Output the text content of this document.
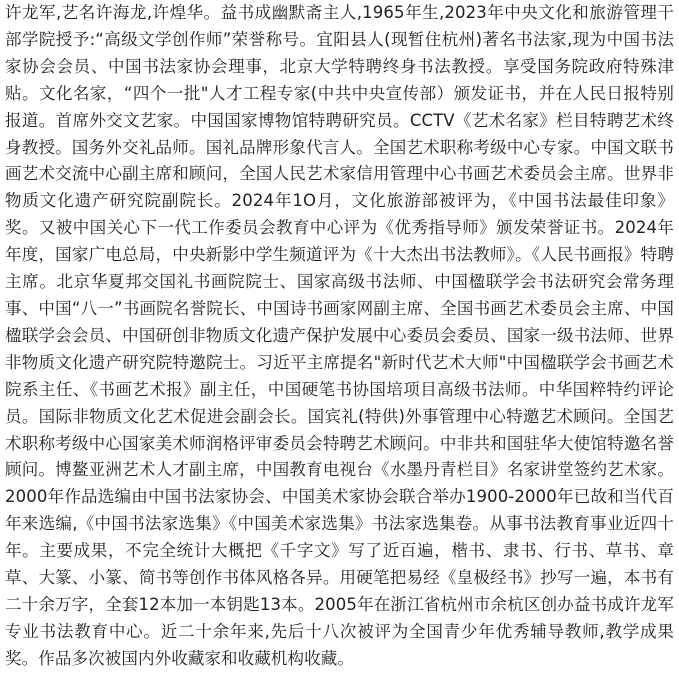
许龙军,艺名许海龙,许煌华。益书成幽默斋主人,1965年生,2023年中央文化和旅游管理干部学院授予:“高级文学创作师”荣誉称号。宜阳县人(现暂住杭州)著名书法家,现为中国书法家协会会员、中国书法家协会理事，北京大学特聘终身书法教授。享受国务院政府特殊津贴。文化名家，“四个一批"人才工程专家(中共中央宣传部）颁发证书，并在人民日报特别报道。首席外交文艺家。中国国家博物馆特聘研究员。CCTV《艺术名家》栏目特聘艺术终身教授。国务外交礼品师。国礼品牌形象代言人。全国艺术职称考级中心专家。中国文联书画艺术交流中心副主席和顾问，全国人民艺术家信用管理中心书画艺术委员会主席。世界非物质文化遗产研究院副院长。2024年1O月，文化旅游部被评为，《中国书法最佳印象》奖。又被中国关心下一代工作委员会教育中心评为《优秀指导师》颁发荣誉证书。2024年年度，国家广电总局，中央新影中学生频道评为《十大杰出书法教师》。《人民书画报》特聘主席。北京华夏邦交国礼书画院院士、国家高级书法师、中国楹联学会书法研究会常务理事、中国“八一”书画院名誉院长、中国诗书画家网副主席、全国书画艺术委员会主席、中国楹联学会会员、中国研创非物质文化遗产保护发展中心委员会委员、国家一级书法师、世界非物质文化遗产研究院特邀院士。习近平主席提名"新时代艺术大师"中国楹联学会书画艺术院系主任、《书画艺术报》副主任，中国硬笔书协国培项目高级书法师。中华国粹特约评论员。国际非物质文化艺术促进会副会长。国宾礼(特供)外事管理中心特邀艺术顾问。全国艺术职称考级中心国家美术师润格评审委员会特聘艺术顾问。中非共和国驻华大使馆特邀名誉顾问。博鳌亚洲艺术人才副主席，中国教育电视台《水墨丹青栏目》名家讲堂签约艺术家。2000年作品选编由中国书法家协会、中国美术家协会联合举办1900-2000年已故和当代百年来选编,《中国书法家选集》《中国美术家选集》书法家选集卷。从事书法教育事业近四十年。主要成果，不完全统计大概把《千字文》写了近百遍，楷书、隶书、行书、草书、章草、大篆、小篆、简书等创作书体风格各异。用硬笔把易经《皇极经书》抄写一遍，本书有二十余万字，全套12本加一本钥匙13本。2005年在浙江省杭州市余杭区创办益书成许龙军专业书法教育中心。近二十余年来,先后十八次被评为全国青少年优秀辅导教师,教学成果奖。作品多次被国内外收藏家和收藏机构收藏。
